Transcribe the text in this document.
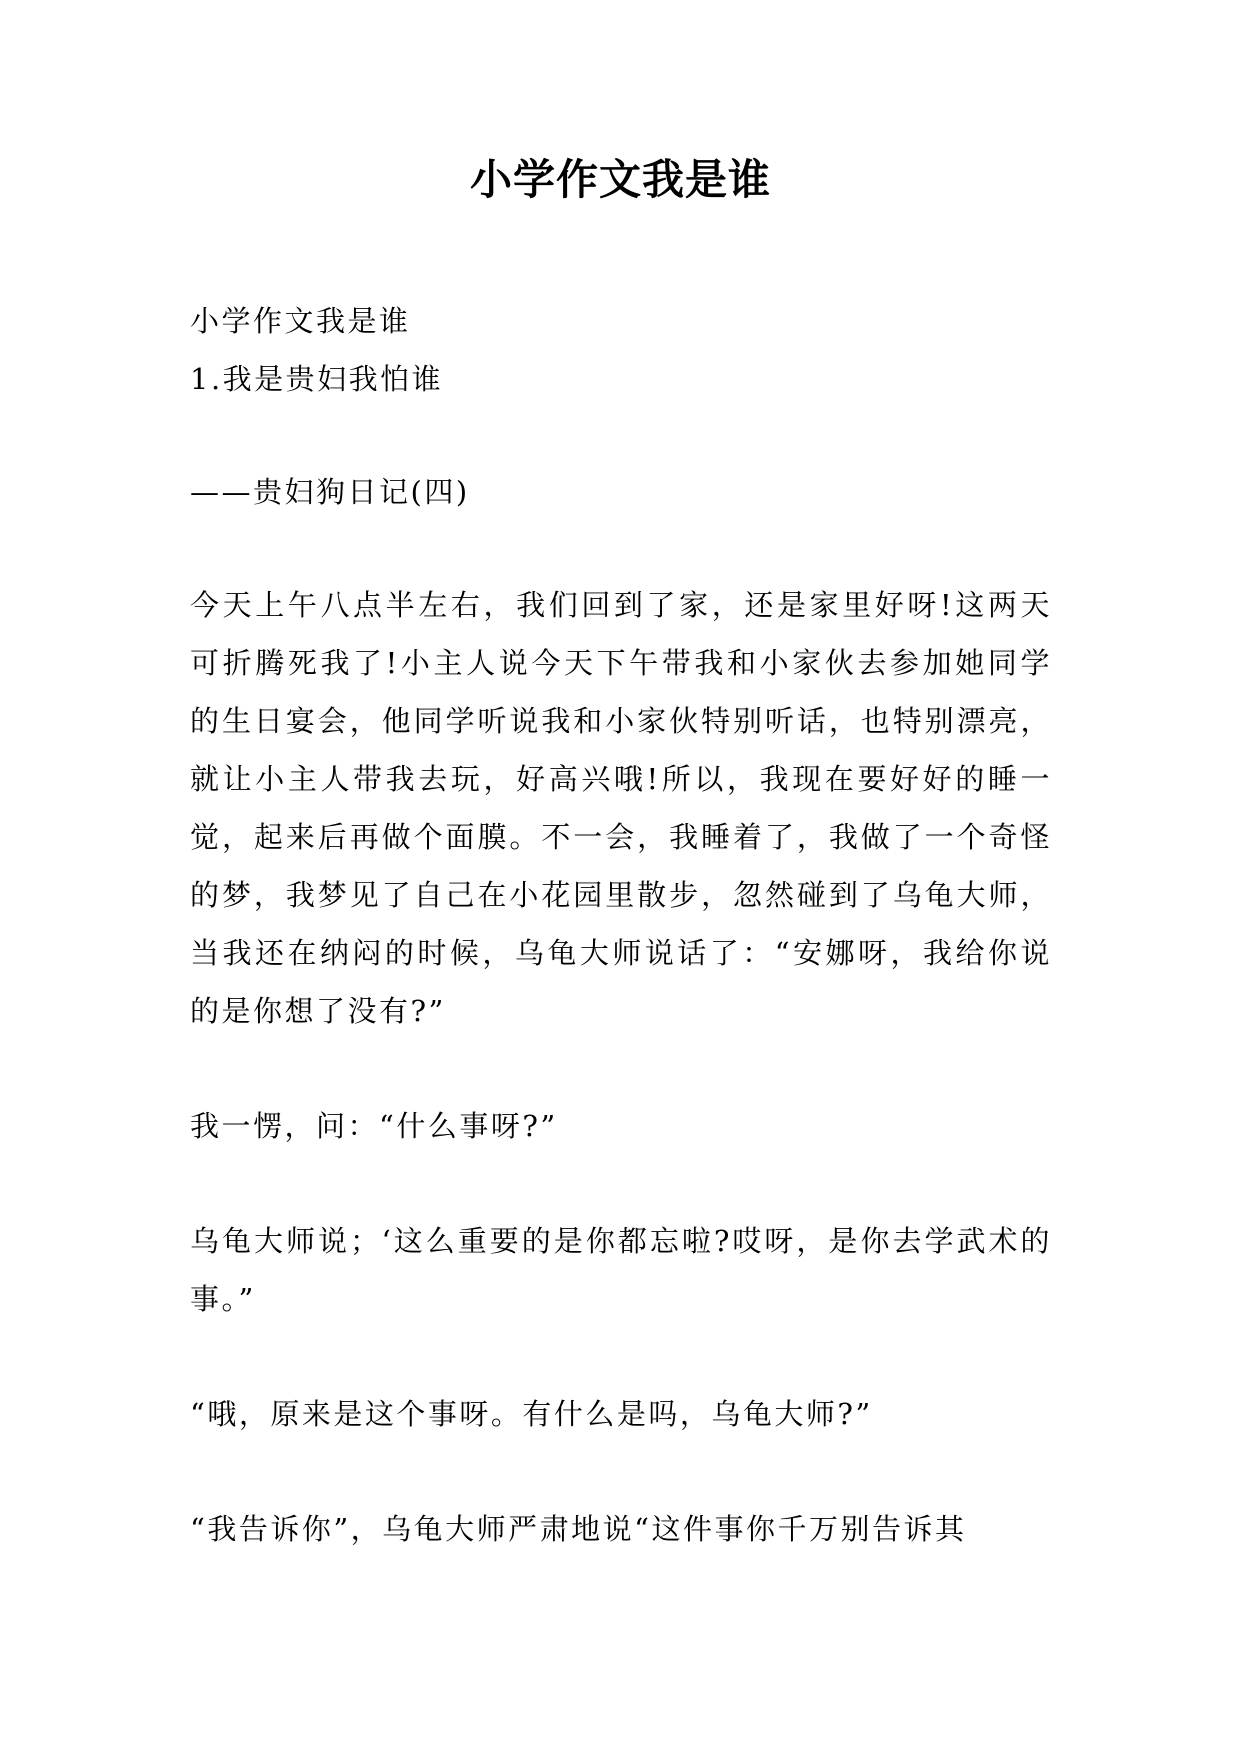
小学作文我是谁

小学作文我是谁

1.我是贵妇我怕谁

——贵妇狗日记(四)

今天上午八点半左右，我们回到了家，还是家里好呀!这两天可折腾死我了!小主人说今天下午带我和小家伙去参加她同学的生日宴会，他同学听说我和小家伙特别听话，也特别漂亮，就让小主人带我去玩，好高兴哦!所以，我现在要好好的睡一觉，起来后再做个面膜。不一会，我睡着了，我做了一个奇怪的梦，我梦见了自己在小花园里散步，忽然碰到了乌龟大师，当我还在纳闷的时候，乌龟大师说话了：“安娜呀，我给你说的是你想了没有?”

我一愣，问：“什么事呀?”

乌龟大师说；‘这么重要的是你都忘啦?哎呀，是你去学武术的事。”

“哦，原来是这个事呀。有什么是吗，乌龟大师?”

“我告诉你”，乌龟大师严肃地说“这件事你千万别告诉其
